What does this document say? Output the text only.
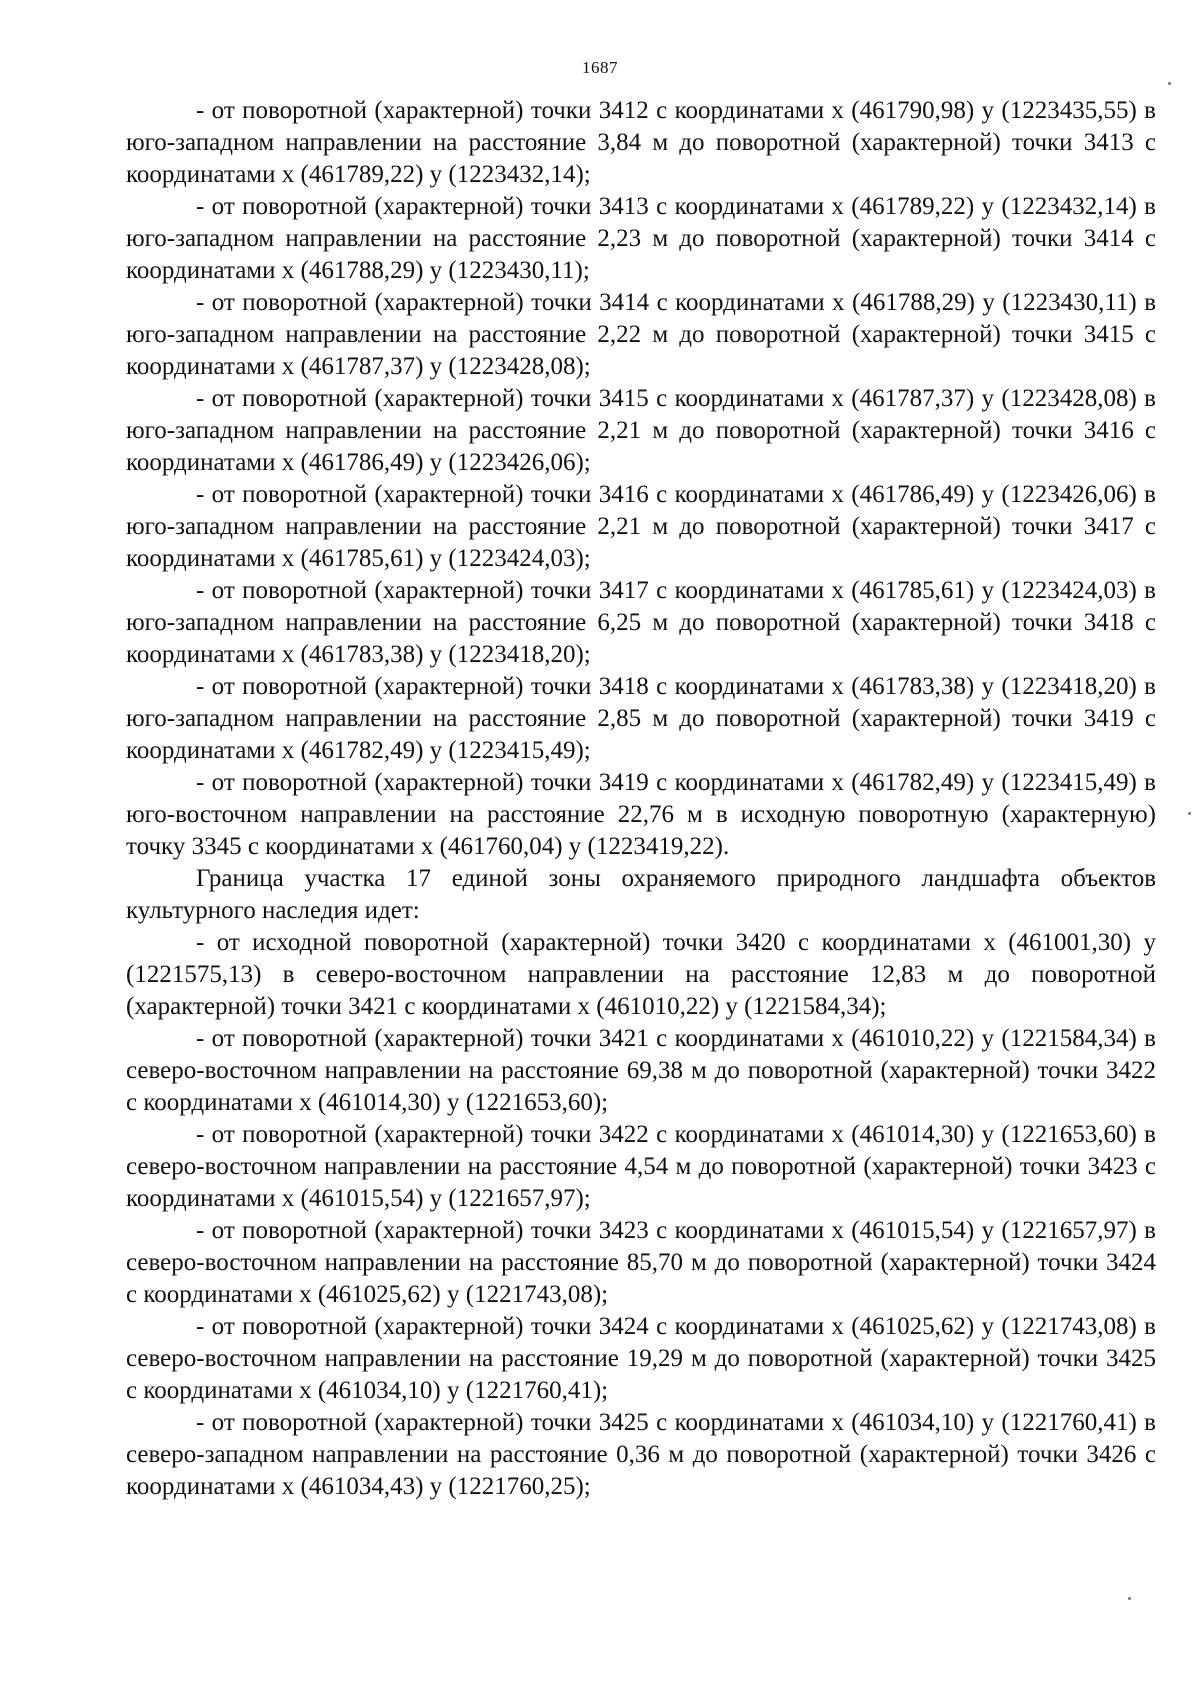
1687

- от поворотной (характерной) точки 3412 с координатами x (461790,98) у (1223435,55) в юго-западном направлении на расстояние 3,84 м до поворотной (характерной) точки 3413 с координатами x (461789,22) у (1223432,14);

- от поворотной (характерной) точки 3413 с координатами x (461789,22) у (1223432,14) в юго-западном направлении на расстояние 2,23 м до поворотной (характерной) точки 3414 с координатами x (461788,29) у (1223430,11);

- от поворотной (характерной) точки 3414 с координатами x (461788,29) у (1223430,11) в юго-западном направлении на расстояние 2,22 м до поворотной (характерной) точки 3415 с координатами x (461787,37) у (1223428,08);

- от поворотной (характерной) точки 3415 с координатами x (461787,37) у (1223428,08) в юго-западном направлении на расстояние 2,21 м до поворотной (характерной) точки 3416 с координатами x (461786,49) у (1223426,06);

- от поворотной (характерной) точки 3416 с координатами x (461786,49) у (1223426,06) в юго-западном направлении на расстояние 2,21 м до поворотной (характерной) точки 3417 с координатами x (461785,61) у (1223424,03);

- от поворотной (характерной) точки 3417 с координатами x (461785,61) у (1223424,03) в юго-западном направлении на расстояние 6,25 м до поворотной (характерной) точки 3418 с координатами x (461783,38) у (1223418,20);

- от поворотной (характерной) точки 3418 с координатами x (461783,38) у (1223418,20) в юго-западном направлении на расстояние 2,85 м до поворотной (характерной) точки 3419 с координатами x (461782,49) у (1223415,49);

- от поворотной (характерной) точки 3419 с координатами x (461782,49) у (1223415,49) в юго-восточном направлении на расстояние 22,76 м в исходную поворотную (характерную) точку 3345 с координатами x (461760,04) у (1223419,22).

Граница участка 17 единой зоны охраняемого природного ландшафта объектов культурного наследия идет:

- от исходной поворотной (характерной) точки 3420 с координатами x (461001,30) у (1221575,13) в северо-восточном направлении на расстояние 12,83 м до поворотной (характерной) точки 3421 с координатами x (461010,22) у (1221584,34);

- от поворотной (характерной) точки 3421 с координатами x (461010,22) у (1221584,34) в северо-восточном направлении на расстояние 69,38 м до поворотной (характерной) точки 3422 с координатами x (461014,30) у (1221653,60);

- от поворотной (характерной) точки 3422 с координатами x (461014,30) у (1221653,60) в северо-восточном направлении на расстояние 4,54 м до поворотной (характерной) точки 3423 с координатами x (461015,54) у (1221657,97);

- от поворотной (характерной) точки 3423 с координатами x (461015,54) у (1221657,97) в северо-восточном направлении на расстояние 85,70 м до поворотной (характерной) точки 3424 с координатами x (461025,62) у (1221743,08);

- от поворотной (характерной) точки 3424 с координатами x (461025,62) у (1221743,08) в северо-восточном направлении на расстояние 19,29 м до поворотной (характерной) точки 3425 с координатами x (461034,10) у (1221760,41);

- от поворотной (характерной) точки 3425 с координатами x (461034,10) у (1221760,41) в северо-западном направлении на расстояние 0,36 м до поворотной (характерной) точки 3426 с координатами x (461034,43) у (1221760,25);
